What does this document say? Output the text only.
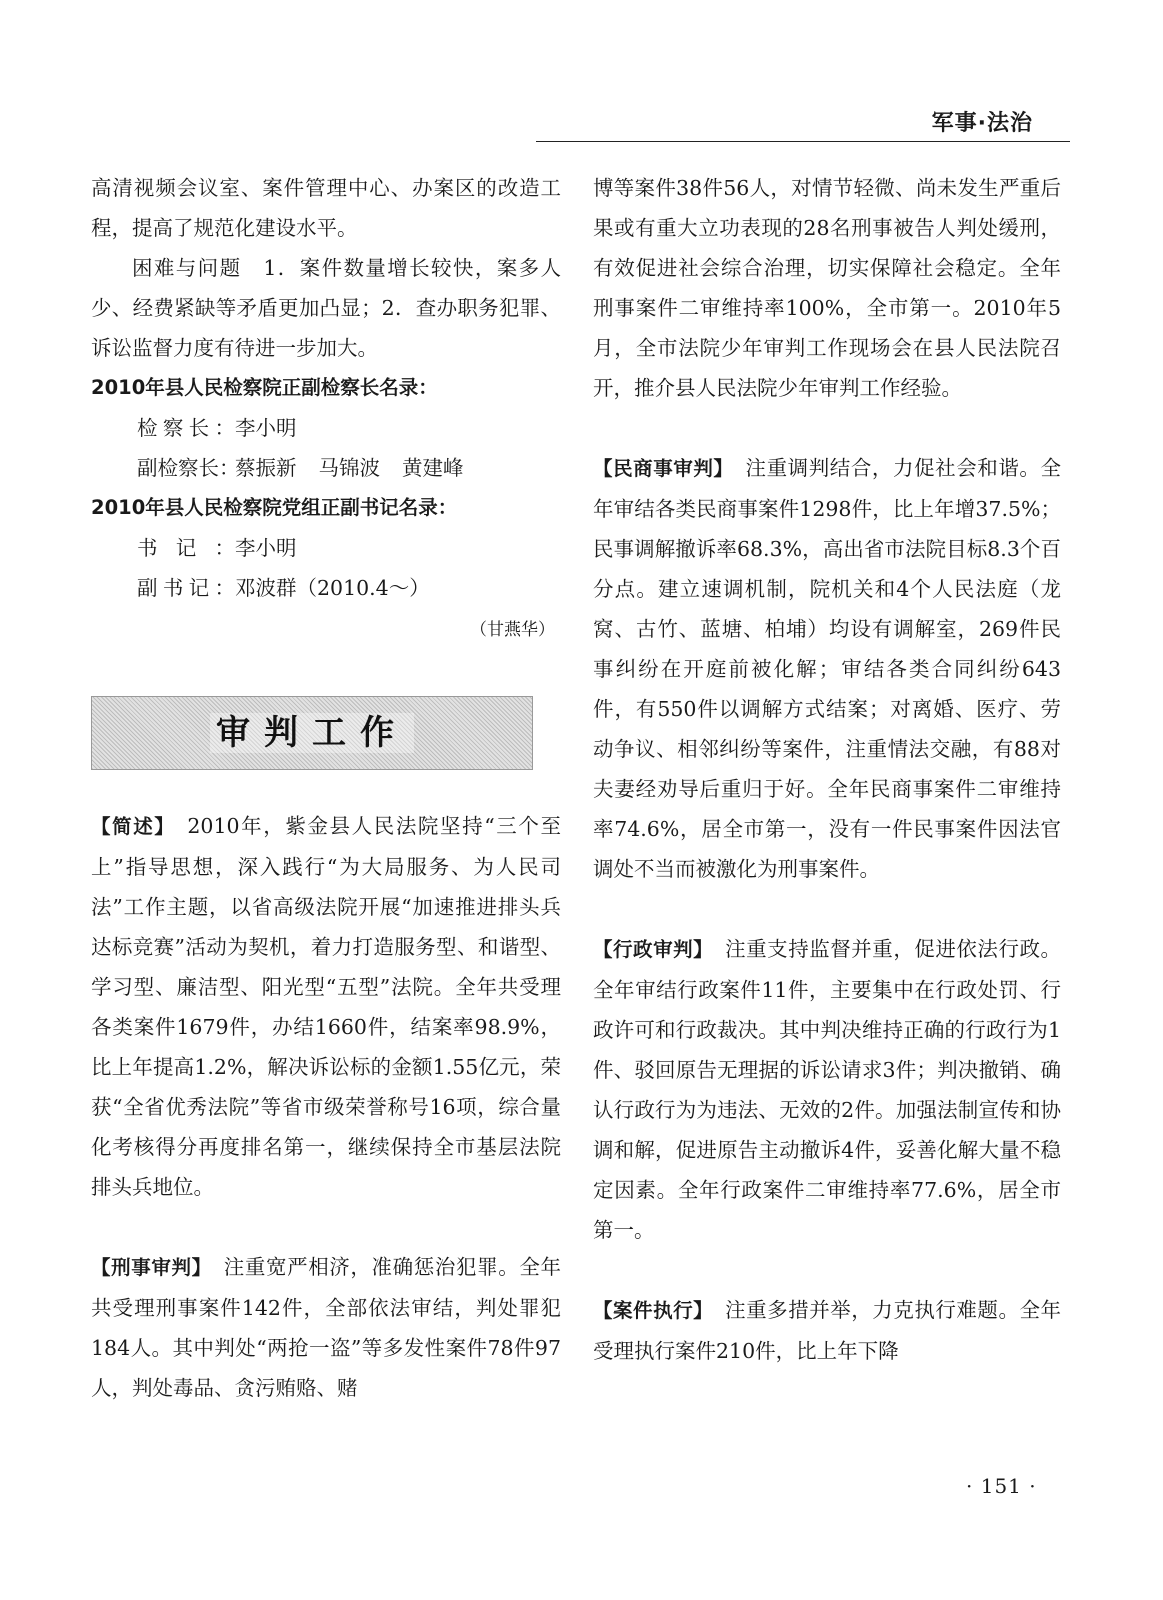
军事·法治

高清视频会议室、案件管理中心、办案区的改造工程，提高了规范化建设水平。

困难与问题　1．案件数量增长较快，案多人少、经费紧缺等矛盾更加凸显；2．查办职务犯罪、诉讼监督力度有待进一步加大。

2010年县人民检察院正副检察长名录：
检察长：李小明
副检察长：蔡振新 马锦波 黄建峰
2010年县人民检察院党组正副书记名录：
书记：李小明
副书记：邓波群（2010.4～）
（甘燕华）
审判工作

【简述】 2010年，紫金县人民法院坚持“三个至上”指导思想，深入践行“为大局服务、为人民司法”工作主题，以省高级法院开展“加速推进排头兵达标竞赛”活动为契机，着力打造服务型、和谐型、学习型、廉洁型、阳光型“五型”法院。全年共受理各类案件1679件，办结1660件，结案率98.9%，比上年提高1.2%，解决诉讼标的金额1.55亿元，荣获“全省优秀法院”等省市级荣誉称号16项，综合量化考核得分再度排名第一，继续保持全市基层法院排头兵地位。

【刑事审判】 注重宽严相济，准确惩治犯罪。全年共受理刑事案件142件，全部依法审结，判处罪犯184人。其中判处“两抢一盗”等多发性案件78件97人，判处毒品、贪污贿赂、赌

博等案件38件56人，对情节轻微、尚未发生严重后果或有重大立功表现的28名刑事被告人判处缓刑，有效促进社会综合治理，切实保障社会稳定。全年刑事案件二审维持率100%，全市第一。2010年5月，全市法院少年审判工作现场会在县人民法院召开，推介县人民法院少年审判工作经验。

【民商事审判】 注重调判结合，力促社会和谐。全年审结各类民商事案件1298件，比上年增37.5%；民事调解撤诉率68.3%，高出省市法院目标8.3个百分点。建立速调机制，院机关和4个人民法庭（龙窝、古竹、蓝塘、柏埔）均设有调解室，269件民事纠纷在开庭前被化解；审结各类合同纠纷643件，有550件以调解方式结案；对离婚、医疗、劳动争议、相邻纠纷等案件，注重情法交融，有88对夫妻经劝导后重归于好。全年民商事案件二审维持率74.6%，居全市第一，没有一件民事案件因法官调处不当而被激化为刑事案件。

【行政审判】 注重支持监督并重，促进依法行政。全年审结行政案件11件，主要集中在行政处罚、行政许可和行政裁决。其中判决维持正确的行政行为1件、驳回原告无理据的诉讼请求3件；判决撤销、确认行政行为为违法、无效的2件。加强法制宣传和协调和解，促进原告主动撤诉4件，妥善化解大量不稳定因素。全年行政案件二审维持率77.6%，居全市第一。

【案件执行】 注重多措并举，力克执行难题。全年受理执行案件210件，比上年下降

· 151 ·
